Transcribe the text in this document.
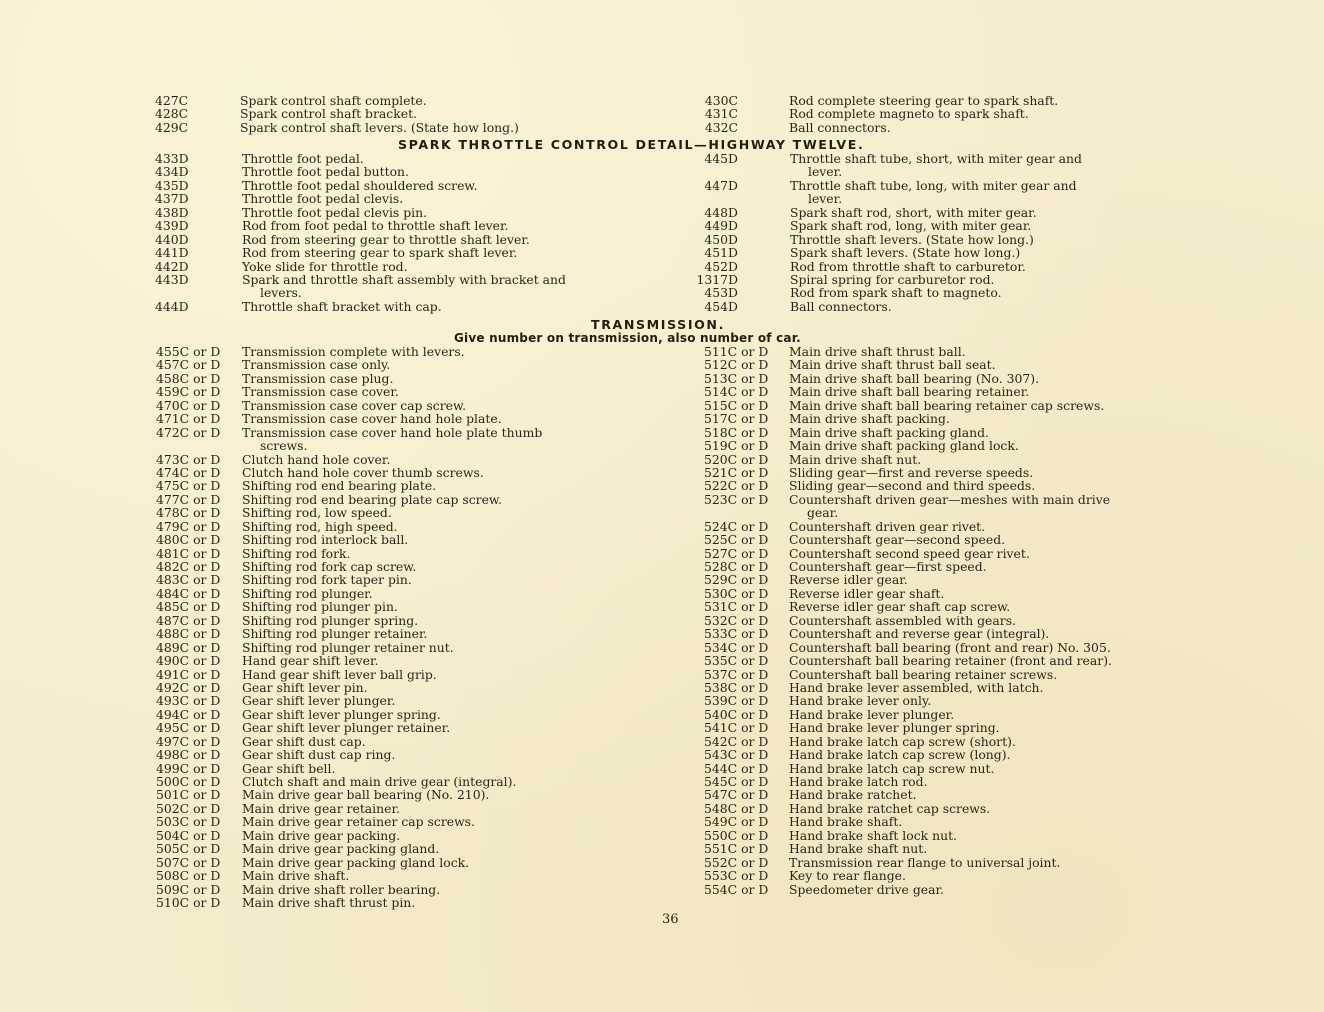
427C	Spark control shaft complete.
428C	Spark control shaft bracket.
429C	Spark control shaft levers. (State how long.)
430C	Rod complete steering gear to spark shaft.
431C	Rod complete magneto to spark shaft.
432C	Ball connectors.
SPARK THROTTLE CONTROL DETAIL—HIGHWAY TWELVE.
433D	Throttle foot pedal.
434D	Throttle foot pedal button.
435D	Throttle foot pedal shouldered screw.
437D	Throttle foot pedal clevis.
438D	Throttle foot pedal clevis pin.
439D	Rod from foot pedal to throttle shaft lever.
440D	Rod from steering gear to throttle shaft lever.
441D	Rod from steering gear to spark shaft lever.
442D	Yoke slide for throttle rod.
443D	Spark and throttle shaft assembly with bracket and
levers.
444D	Throttle shaft bracket with cap.
445D	Throttle shaft tube, short, with miter gear and
lever.
447D	Throttle shaft tube, long, with miter gear and
lever.
448D	Spark shaft rod, short, with miter gear.
449D	Spark shaft rod, long, with miter gear.
450D	Throttle shaft levers. (State how long.)
451D	Spark shaft levers. (State how long.)
452D	Rod from throttle shaft to carburetor.
1317D	Spiral spring for carburetor rod.
453D	Rod from spark shaft to magneto.
454D	Ball connectors.
TRANSMISSION.
Give number on transmission, also number of car.
455C or D	Transmission complete with levers.
457C or D	Transmission case only.
458C or D	Transmission case plug.
459C or D	Transmission case cover.
470C or D	Transmission case cover cap screw.
471C or D	Transmission case cover hand hole plate.
472C or D	Transmission case cover hand hole plate thumb
screws.
473C or D	Clutch hand hole cover.
474C or D	Clutch hand hole cover thumb screws.
475C or D	Shifting rod end bearing plate.
477C or D	Shifting rod end bearing plate cap screw.
478C or D	Shifting rod, low speed.
479C or D	Shifting rod, high speed.
480C or D	Shifting rod interlock ball.
481C or D	Shifting rod fork.
482C or D	Shifting rod fork cap screw.
483C or D	Shifting rod fork taper pin.
484C or D	Shifting rod plunger.
485C or D	Shifting rod plunger pin.
487C or D	Shifting rod plunger spring.
488C or D	Shifting rod plunger retainer.
489C or D	Shifting rod plunger retainer nut.
490C or D	Hand gear shift lever.
491C or D	Hand gear shift lever ball grip.
492C or D	Gear shift lever pin.
493C or D	Gear shift lever plunger.
494C or D	Gear shift lever plunger spring.
495C or D	Gear shift lever plunger retainer.
497C or D	Gear shift dust cap.
498C or D	Gear shift dust cap ring.
499C or D	Gear shift bell.
500C or D	Clutch shaft and main drive gear (integral).
501C or D	Main drive gear ball bearing (No. 210).
502C or D	Main drive gear retainer.
503C or D	Main drive gear retainer cap screws.
504C or D	Main drive gear packing.
505C or D	Main drive gear packing gland.
507C or D	Main drive gear packing gland lock.
508C or D	Main drive shaft.
509C or D	Main drive shaft roller bearing.
510C or D	Main drive shaft thrust pin.
511C or D	Main drive shaft thrust ball.
512C or D	Main drive shaft thrust ball seat.
513C or D	Main drive shaft ball bearing (No. 307).
514C or D	Main drive shaft ball bearing retainer.
515C or D	Main drive shaft ball bearing retainer cap screws.
517C or D	Main drive shaft packing.
518C or D	Main drive shaft packing gland.
519C or D	Main drive shaft packing gland lock.
520C or D	Main drive shaft nut.
521C or D	Sliding gear—first and reverse speeds.
522C or D	Sliding gear—second and third speeds.
523C or D	Countershaft driven gear—meshes with main drive
gear.
524C or D	Countershaft driven gear rivet.
525C or D	Countershaft gear—second speed.
527C or D	Countershaft second speed gear rivet.
528C or D	Countershaft gear—first speed.
529C or D	Reverse idler gear.
530C or D	Reverse idler gear shaft.
531C or D	Reverse idler gear shaft cap screw.
532C or D	Countershaft assembled with gears.
533C or D	Countershaft and reverse gear (integral).
534C or D	Countershaft ball bearing (front and rear) No. 305.
535C or D	Countershaft ball bearing retainer (front and rear).
537C or D	Countershaft ball bearing retainer screws.
538C or D	Hand brake lever assembled, with latch.
539C or D	Hand brake lever only.
540C or D	Hand brake lever plunger.
541C or D	Hand brake lever plunger spring.
542C or D	Hand brake latch cap screw (short).
543C or D	Hand brake latch cap screw (long).
544C or D	Hand brake latch cap screw nut.
545C or D	Hand brake latch rod.
547C or D	Hand brake ratchet.
548C or D	Hand brake ratchet cap screws.
549C or D	Hand brake shaft.
550C or D	Hand brake shaft lock nut.
551C or D	Hand brake shaft nut.
552C or D	Transmission rear flange to universal joint.
553C or D	Key to rear flange.
554C or D	Speedometer drive gear.
36
